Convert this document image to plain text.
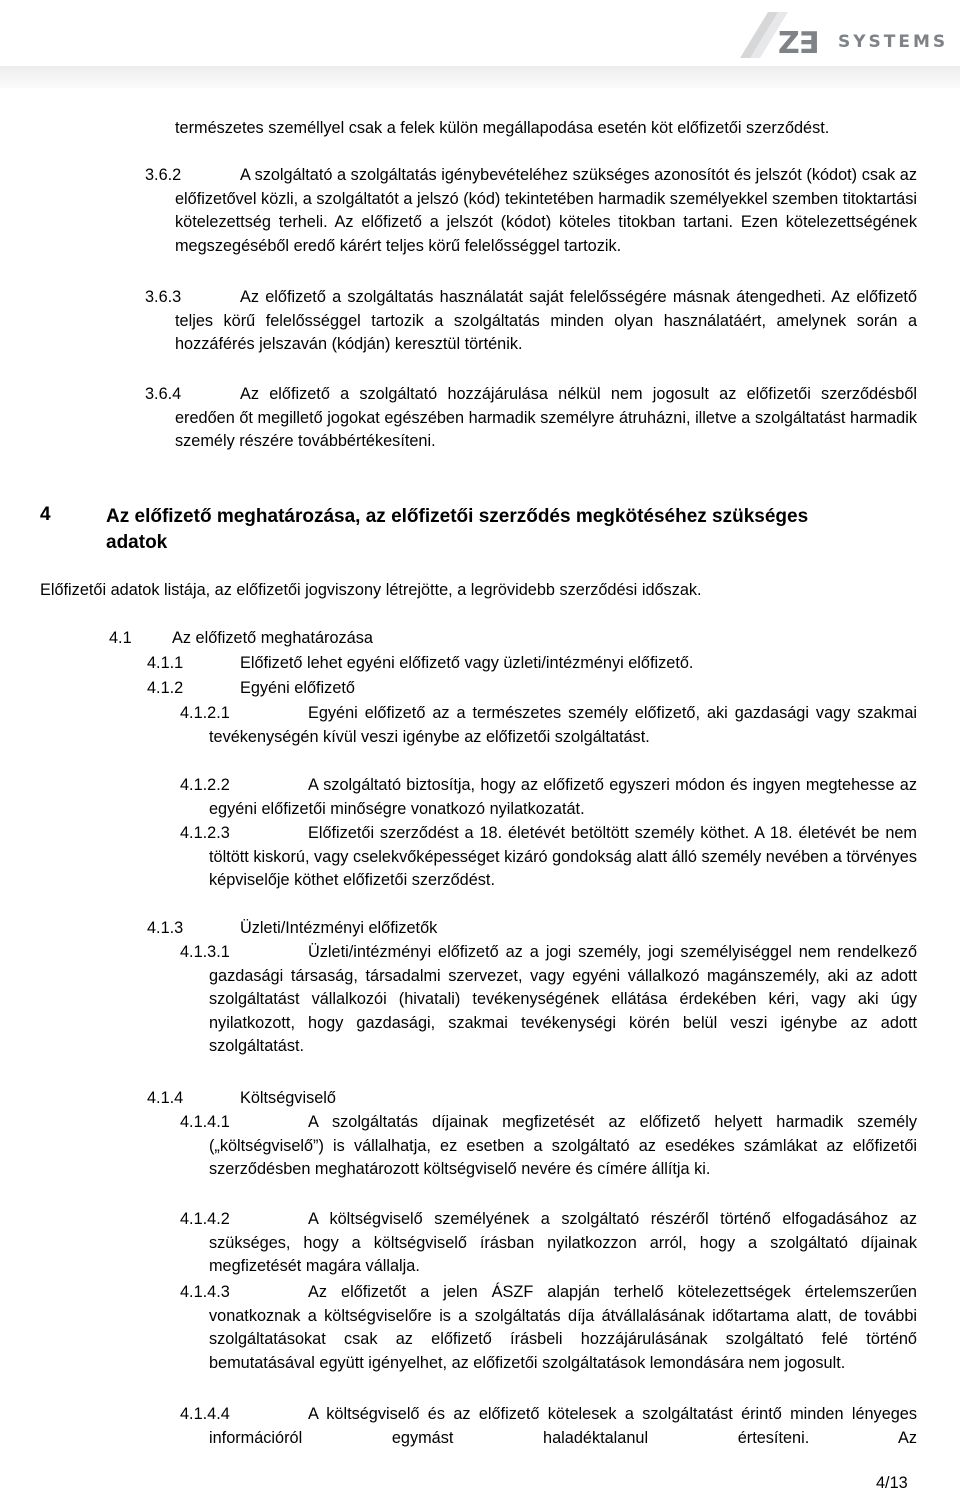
Z∃ SYSTEMS

természetes személlyel csak a felek külön megállapodása esetén köt előfizetői szerződést.

3.6.2	A szolgáltató a szolgáltatás igénybevételéhez szükséges azonosítót és jelszót (kódot) csak az előfizetővel közli, a szolgáltatót a jelszó (kód) tekintetében harmadik személyekkel szemben titoktartási kötelezettség terheli. Az előfizető a jelszót (kódot) köteles titokban tartani. Ezen kötelezettségének megszegéséből eredő kárért teljes körű felelősséggel tartozik.

3.6.3	Az előfizető a szolgáltatás használatát saját felelősségére másnak átengedheti. Az előfizető teljes körű felelősséggel tartozik a szolgáltatás minden olyan használatáért, amelynek során a hozzáférés jelszaván (kódján) keresztül történik.

3.6.4	Az előfizető a szolgáltató hozzájárulása nélkül nem jogosult az előfizetői szerződésből eredően őt megillető jogokat egészében harmadik személyre átruházni, illetve a szolgáltatást harmadik személy részére továbbértékesíteni.

4	Az előfizető meghatározása, az előfizetői szerződés megkötéséhez szükséges adatok
Előfizetői adatok listája, az előfizetői jogviszony létrejötte, a legrövidebb szerződési időszak.
4.1 Az előfizető meghatározása
4.1.1	Előfizető lehet egyéni előfizető vagy üzleti/intézményi előfizető.
4.1.2	Egyéni előfizető
4.1.2.1	Egyéni előfizető az a természetes személy előfizető, aki gazdasági vagy szakmai tevékenységén kívül veszi igénybe az előfizetői szolgáltatást.

4.1.2.2	A szolgáltató biztosítja, hogy az előfizető egyszeri módon és ingyen megtehesse az egyéni előfizetői minőségre vonatkozó nyilatkozatát.

4.1.2.3	Előfizetői szerződést a 18. életévét betöltött személy köthet. A 18. életévét be nem töltött kiskorú, vagy cselekvőképességet kizáró gondokság alatt álló személy nevében a törvényes képviselője köthet előfizetői szerződést.

4.1.3	Üzleti/Intézményi előfizetők
4.1.3.1	Üzleti/intézményi előfizető az a jogi személy, jogi személyiséggel nem rendelkező gazdasági társaság, társadalmi szervezet, vagy egyéni vállalkozó magánszemély, aki az adott szolgáltatást vállalkozói (hivatali) tevékenységének ellátása érdekében kéri, vagy aki úgy nyilatkozott, hogy gazdasági, szakmai tevékenységi körén belül veszi igénybe az adott szolgáltatást.

4.1.4	Költségviselő
4.1.4.1	A szolgáltatás díjainak megfizetését az előfizető helyett harmadik személy („költségviselő”) is vállalhatja, ez esetben a szolgáltató az esedékes számlákat az előfizetői szerződésben meghatározott költségviselő nevére és címére állítja ki.

4.1.4.2	A költségviselő személyének a szolgáltató részéről történő elfogadásához az szükséges, hogy a költségviselő írásban nyilatkozzon arról, hogy a szolgáltató díjainak megfizetését magára vállalja.

4.1.4.3	Az előfizetőt a jelen ÁSZF alapján terhelő kötelezettségek értelemszerűen vonatkoznak a költségviselőre is a szolgáltatás díja átvállalásának időtartama alatt, de további szolgáltatásokat csak az előfizető írásbeli hozzájárulásának szolgáltató felé történő bemutatásával együtt igényelhet, az előfizetői szolgáltatások lemondására nem jogosult.

4.1.4.4	A költségviselő és az előfizető kötelesek a szolgáltatást érintő minden lényeges információról egymást haladéktalanul értesíteni. Az

4/13
